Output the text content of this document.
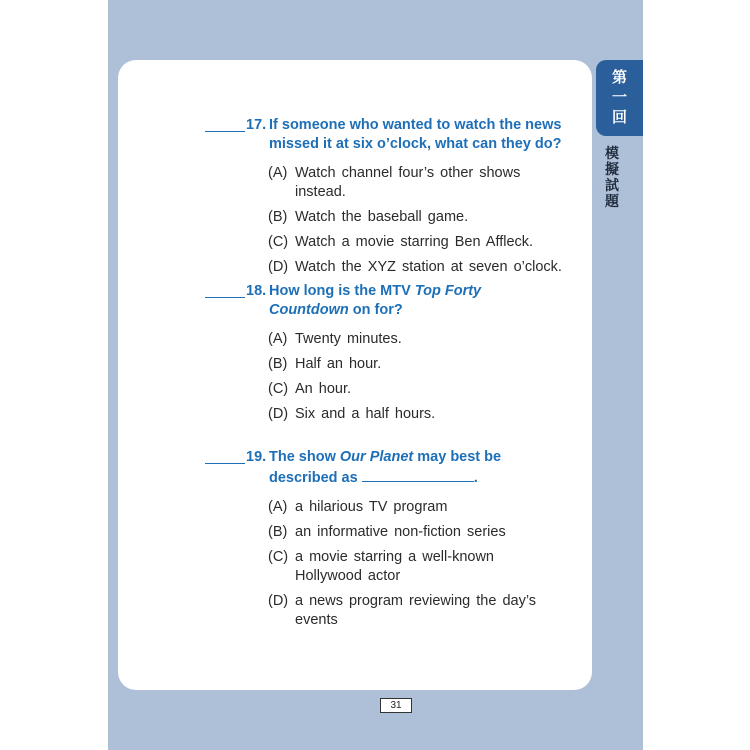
第
一
回
模
擬
試
題
17. If someone who wanted to watch the news
missed it at six o’clock, what can they do?
(A) Watch channel four’s other shows instead.
(B) Watch the baseball game.
(C) Watch a movie starring Ben Affleck.
(D) Watch the XYZ station at seven o’clock.
18. How long is the MTV Top Forty
Countdown on for?
(A) Twenty minutes.
(B) Half an hour.
(C) An hour.
(D) Six and a half hours.
19. The show Our Planet may best be
described as	.
(A) a hilarious TV program
(B) an informative non-fiction series
(C) a movie starring a well-known
Hollywood actor
(D) a news program reviewing the day’s
events
31
